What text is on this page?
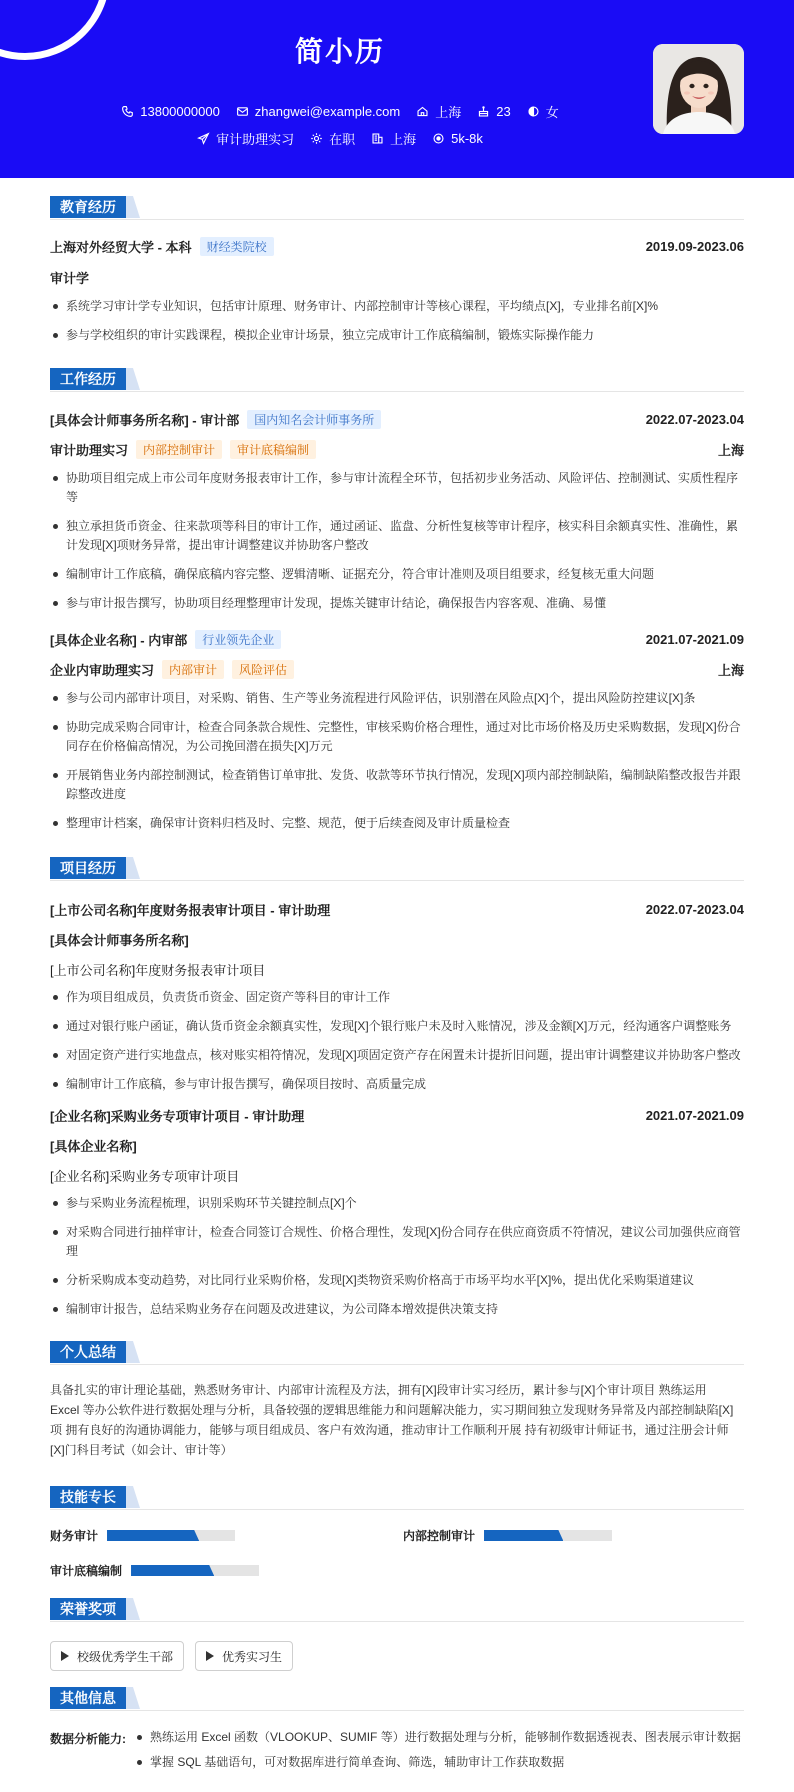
简小历
13800000000	zhangwei@example.com	上海	23	女
审计助理实习	在职	上海	5k-8k
教育经历
上海对外经贸大学 - 本科	财经类院校	2019.09-2023.06
审计学
系统学习审计学专业知识，包括审计原理、财务审计、内部控制审计等核心课程，平均绩点[X]，专业排名前[X]%
参与学校组织的审计实践课程，模拟企业审计场景，独立完成审计工作底稿编制，锻炼实际操作能力
工作经历
[具体会计师事务所名称] - 审计部	国内知名会计师事务所	2022.07-2023.04
审计助理实习	内部控制审计	审计底稿编制	上海
协助项目组完成上市公司年度财务报表审计工作，参与审计流程全环节，包括初步业务活动、风险评估、控制测试、实质性程序等
独立承担货币资金、往来款项等科目的审计工作，通过函证、监盘、分析性复核等审计程序，核实科目余额真实性、准确性，累计发现[X]项财务异常，提出审计调整建议并协助客户整改
编制审计工作底稿，确保底稿内容完整、逻辑清晰、证据充分，符合审计准则及项目组要求，经复核无重大问题
参与审计报告撰写，协助项目经理整理审计发现，提炼关键审计结论，确保报告内容客观、准确、易懂
[具体企业名称] - 内审部	行业领先企业	2021.07-2021.09
企业内审助理实习	内部审计	风险评估	上海
参与公司内部审计项目，对采购、销售、生产等业务流程进行风险评估，识别潜在风险点[X]个，提出风险防控建议[X]条
协助完成采购合同审计，检查合同条款合规性、完整性，审核采购价格合理性，通过对比市场价格及历史采购数据，发现[X]份合同存在价格偏高情况，为公司挽回潜在损失[X]万元
开展销售业务内部控制测试，检查销售订单审批、发货、收款等环节执行情况，发现[X]项内部控制缺陷，编制缺陷整改报告并跟踪整改进度
整理审计档案，确保审计资料归档及时、完整、规范，便于后续查阅及审计质量检查
项目经历
[上市公司名称]年度财务报表审计项目 - 审计助理	2022.07-2023.04
[具体会计师事务所名称]
[上市公司名称]年度财务报表审计项目
作为项目组成员，负责货币资金、固定资产等科目的审计工作
通过对银行账户函证，确认货币资金余额真实性，发现[X]个银行账户未及时入账情况，涉及金额[X]万元，经沟通客户调整账务
对固定资产进行实地盘点，核对账实相符情况，发现[X]项固定资产存在闲置未计提折旧问题，提出审计调整建议并协助客户整改
编制审计工作底稿，参与审计报告撰写，确保项目按时、高质量完成
[企业名称]采购业务专项审计项目 - 审计助理	2021.07-2021.09
[具体企业名称]
[企业名称]采购业务专项审计项目
参与采购业务流程梳理，识别采购环节关键控制点[X]个
对采购合同进行抽样审计，检查合同签订合规性、价格合理性，发现[X]份合同存在供应商资质不符情况，建议公司加强供应商管理
分析采购成本变动趋势，对比同行业采购价格，发现[X]类物资采购价格高于市场平均水平[X]%，提出优化采购渠道建议
编制审计报告，总结采购业务存在问题及改进建议，为公司降本增效提供决策支持
个人总结
具备扎实的审计理论基础，熟悉财务审计、内部审计流程及方法，拥有[X]段审计实习经历，累计参与[X]个审计项目 熟练运用
Excel 等办公软件进行数据处理与分析，具备较强的逻辑思维能力和问题解决能力，实习期间独立发现财务异常及内部控制缺陷[X]
项 拥有良好的沟通协调能力，能够与项目组成员、客户有效沟通，推动审计工作顺利开展 持有初级审计师证书，通过注册会计师
[X]门科目考试（如会计、审计等）
技能专长
财务审计	内部控制审计
审计底稿编制
荣誉奖项
校级优秀学生干部	优秀实习生
其他信息
数据分析能力:	熟练运用 Excel 函数（VLOOKUP、SUMIF 等）进行数据处理与分析，能够制作数据透视表、图表展示审计数据
掌握 SQL 基础语句，可对数据库进行简单查询、筛选，辅助审计工作获取数据
